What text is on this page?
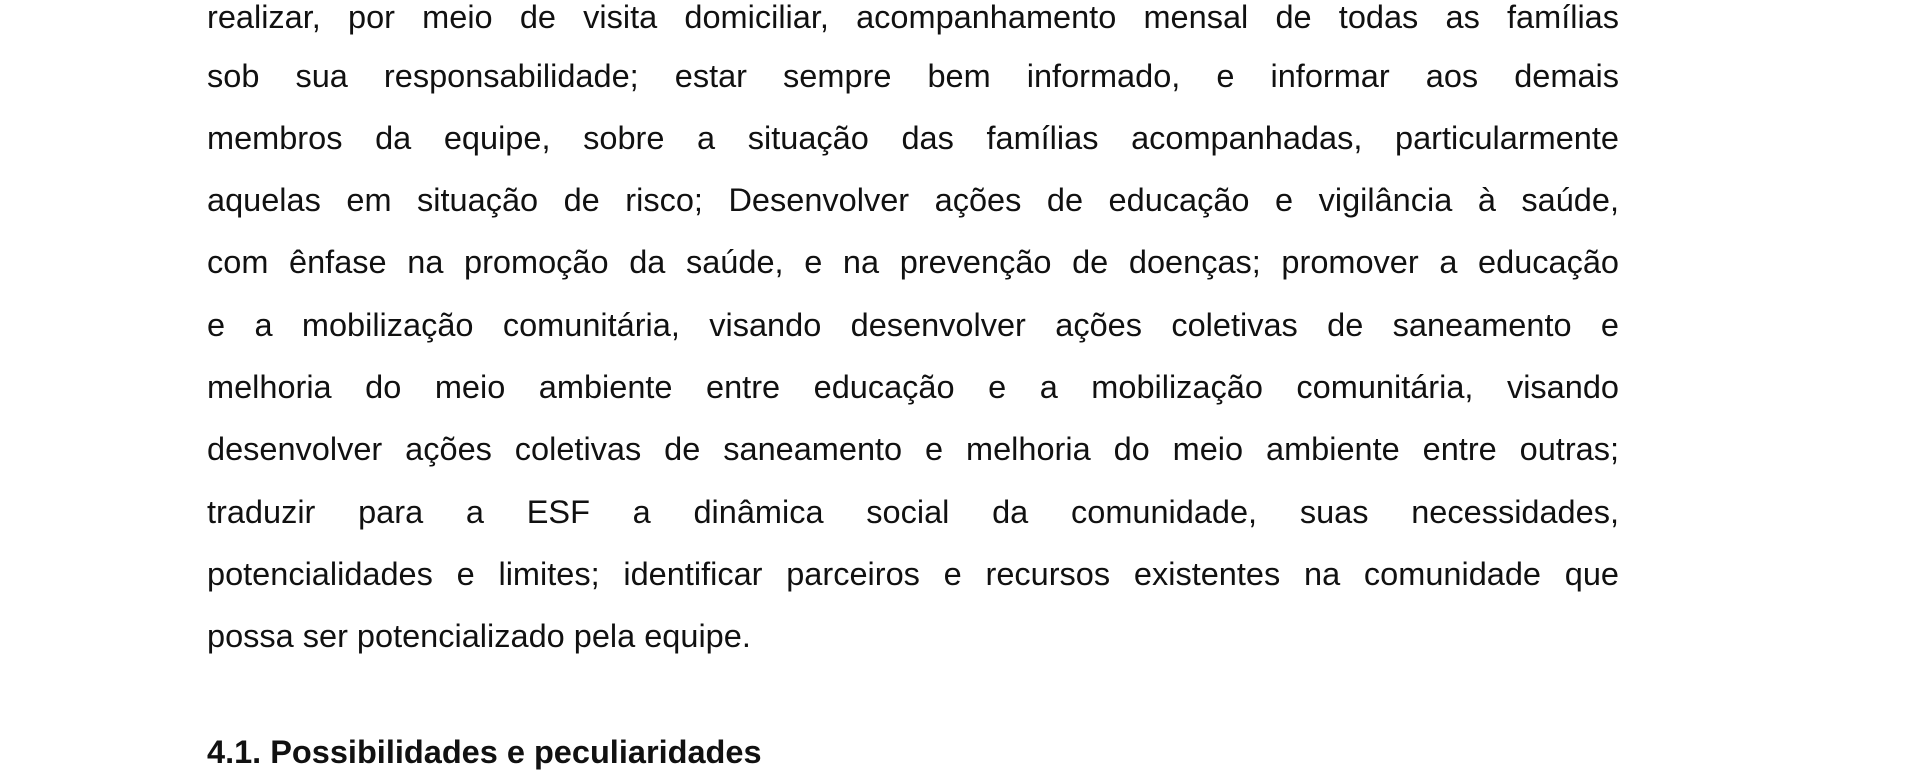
realizar, por meio de visita domiciliar, acompanhamento mensal de todas as famílias
sob sua responsabilidade; estar sempre bem informado, e informar aos demais
membros da equipe, sobre a situação das famílias acompanhadas, particularmente
aquelas em situação de risco; Desenvolver ações de educação e vigilância à saúde,
com ênfase na promoção da saúde, e na prevenção de doenças; promover a educação
e a mobilização comunitária, visando desenvolver ações coletivas de saneamento e
melhoria do meio ambiente entre educação e a mobilização comunitária, visando
desenvolver ações coletivas de saneamento e melhoria do meio ambiente entre outras;
traduzir para a ESF a dinâmica social da comunidade, suas necessidades,
potencialidades e limites; identificar parceiros e recursos existentes na comunidade que
possa ser potencializado pela equipe.
4.1. Possibilidades e peculiaridades
